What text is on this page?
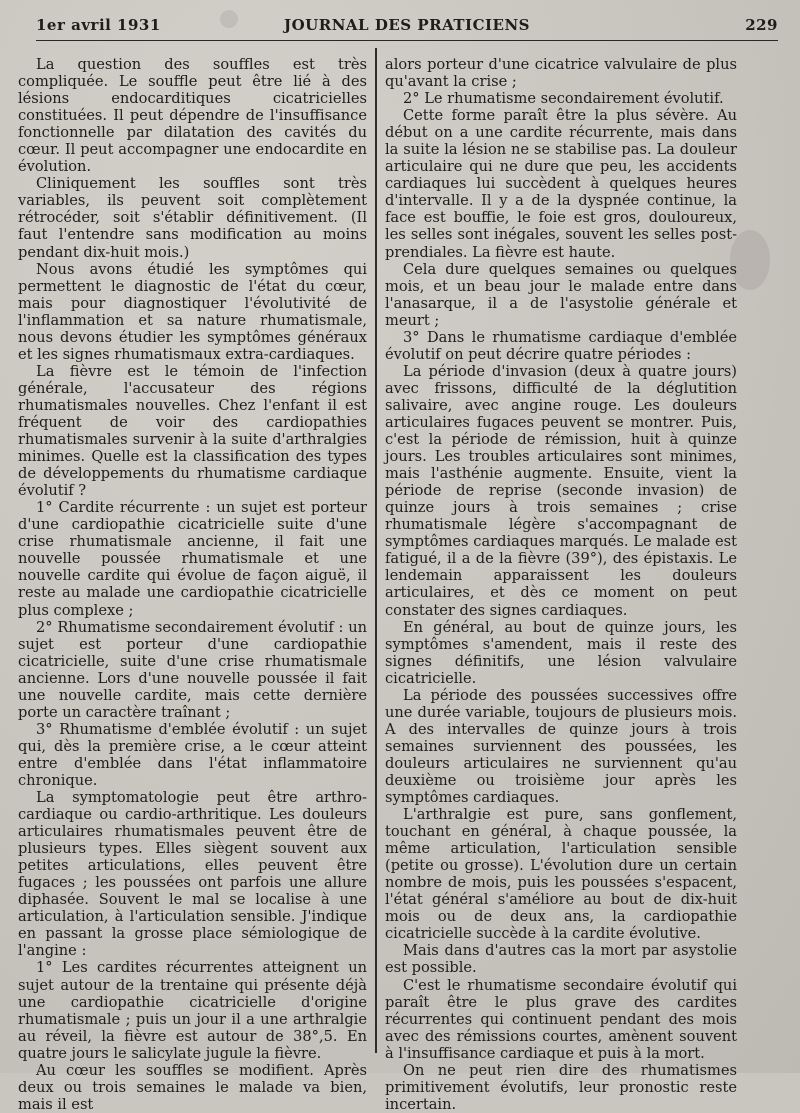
1er avril 1931	JOURNAL DES PRATICIENS	229

La question des souffles est très compliquée. Le souffle peut être lié à des lésions endocarditiques cicatricielles constituées. Il peut dépendre de l'insuffisance fonctionnelle par dilatation des cavités du cœur. Il peut accompagner une endocardite en évolution.

Cliniquement les souffles sont très variables, ils peuvent soit complètement rétrocéder, soit s'établir définitivement. (Il faut l'entendre sans modification au moins pendant dix-huit mois.)

Nous avons étudié les symptômes qui permettent le diagnostic de l'état du cœur, mais pour diagnostiquer l'évolutivité de l'inflammation et sa nature rhumatismale, nous devons étudier les symptômes généraux et les signes rhumatismaux extra-cardiaques.

La fièvre est le témoin de l'infection générale, l'accusateur des régions rhumatismales nouvelles. Chez l'enfant il est fréquent de voir des cardiopathies rhumatismales survenir à la suite d'arthralgies minimes. Quelle est la classification des types de développements du rhumatisme cardiaque évolutif ?

1° Cardite récurrente : un sujet est porteur d'une cardiopathie cicatricielle suite d'une crise rhumatismale ancienne, il fait une nouvelle poussée rhumatismale et une nouvelle cardite qui évolue de façon aiguë, il reste au malade une cardiopathie cicatricielle plus complexe ;

2° Rhumatisme secondairement évolutif : un sujet est porteur d'une cardiopathie cicatricielle, suite d'une crise rhumatismale ancienne. Lors d'une nouvelle poussée il fait une nouvelle cardite, mais cette dernière porte un caractère traînant ;

3° Rhumatisme d'emblée évolutif : un sujet qui, dès la première crise, a le cœur atteint entre d'emblée dans l'état inflammatoire chronique.

La symptomatologie peut être arthro-cardiaque ou cardio-arthritique. Les douleurs articulaires rhumatismales peuvent être de plusieurs types. Elles siègent souvent aux petites articulations, elles peuvent être fugaces ; les poussées ont parfois une allure diphasée. Souvent le mal se localise à une articulation, à l'articulation sensible. J'indique en passant la grosse place sémiologique de l'angine :

1° Les cardites récurrentes atteignent un sujet autour de la trentaine qui présente déjà une cardiopathie cicatricielle d'origine rhumatismale ; puis un jour il a une arthralgie au réveil, la fièvre est autour de 38°,5. En quatre jours le salicylate jugule la fièvre.

Au cœur les souffles se modifient. Après deux ou trois semaines le malade va bien, mais il est

alors porteur d'une cicatrice valvulaire de plus qu'avant la crise ;

2° Le rhumatisme secondairement évolutif.

Cette forme paraît être la plus sévère. Au début on a une cardite récurrente, mais dans la suite la lésion ne se stabilise pas. La douleur articulaire qui ne dure que peu, les accidents cardiaques lui succèdent à quelques heures d'intervalle. Il y a de la dyspnée continue, la face est bouffie, le foie est gros, douloureux, les selles sont inégales, souvent les selles post-prendiales. La fièvre est haute.

Cela dure quelques semaines ou quelques mois, et un beau jour le malade entre dans l'anasarque, il a de l'asystolie générale et meurt ;

3° Dans le rhumatisme cardiaque d'emblée évolutif on peut décrire quatre périodes :

La période d'invasion (deux à quatre jours) avec frissons, difficulté de la déglutition salivaire, avec angine rouge. Les douleurs articulaires fugaces peuvent se montrer. Puis, c'est la période de rémission, huit à quinze jours. Les troubles articulaires sont minimes, mais l'asthénie augmente. Ensuite, vient la période de reprise (seconde invasion) de quinze jours à trois semaines ; crise rhumatismale légère s'accompagnant de symptômes cardiaques marqués. Le malade est fatigué, il a de la fièvre (39°), des épistaxis. Le lendemain apparaissent les douleurs articulaires, et dès ce moment on peut constater des signes cardiaques.

En général, au bout de quinze jours, les symptômes s'amendent, mais il reste des signes définitifs, une lésion valvulaire cicatricielle.

La période des poussées successives offre une durée variable, toujours de plusieurs mois. A des intervalles de quinze jours à trois semaines surviennent des poussées, les douleurs articulaires ne surviennent qu'au deuxième ou troisième jour après les symptômes cardiaques.

L'arthralgie est pure, sans gonflement, touchant en général, à chaque poussée, la même articulation, l'articulation sensible (petite ou grosse). L'évolution dure un certain nombre de mois, puis les poussées s'espacent, l'état général s'améliore au bout de dix-huit mois ou de deux ans, la cardiopathie cicatricielle succède à la cardite évolutive.

Mais dans d'autres cas la mort par asystolie est possible.

C'est le rhumatisme secondaire évolutif qui paraît être le plus grave des cardites récurrentes qui continuent pendant des mois avec des rémissions courtes, amènent souvent à l'insuffisance cardiaque et puis à la mort.

On ne peut rien dire des rhumatismes primitivement évolutifs, leur pronostic reste incertain.
